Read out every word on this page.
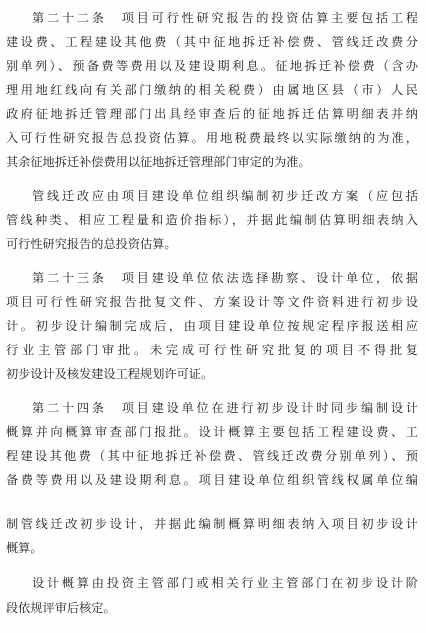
第二十二条　项目可行性研究报告的投资估算主要包括工程
建设费、工程建设其他费（其中征地拆迁补偿费、管线迁改费分
别单列）、预备费等费用以及建设期利息。征地拆迁补偿费（含办
理用地红线向有关部门缴纳的相关税费）由属地区县（市）人民
政府征地拆迁管理部门出具经审查后的征地拆迁估算明细表并纳
入可行性研究报告总投资估算。用地税费最终以实际缴纳的为准，
其余征地拆迁补偿费用以征地拆迁管理部门审定的为准。
管线迁改应由项目建设单位组织编制初步迁改方案（应包括
管线种类、相应工程量和造价指标），并据此编制估算明细表纳入
可行性研究报告的总投资估算。
第二十三条　项目建设单位依法选择勘察、设计单位，依据
项目可行性研究报告批复文件、方案设计等文件资料进行初步设
计。初步设计编制完成后，由项目建设单位按规定程序报送相应
行业主管部门审批。未完成可行性研究批复的项目不得批复
初步设计及核发建设工程规划许可证。
第二十四条　项目建设单位在进行初步设计时同步编制设计
概算并向概算审查部门报批。设计概算主要包括工程建设费、工
程建设其他费（其中征地拆迁补偿费、管线迁改费分别单列）、预
备费等费用以及建设期利息。项目建设单位组织管线权属单位编
制管线迁改初步设计，并据此编制概算明细表纳入项目初步设计
概算。
设计概算由投资主管部门或相关行业主管部门在初步设计阶
段依规评审后核定。
